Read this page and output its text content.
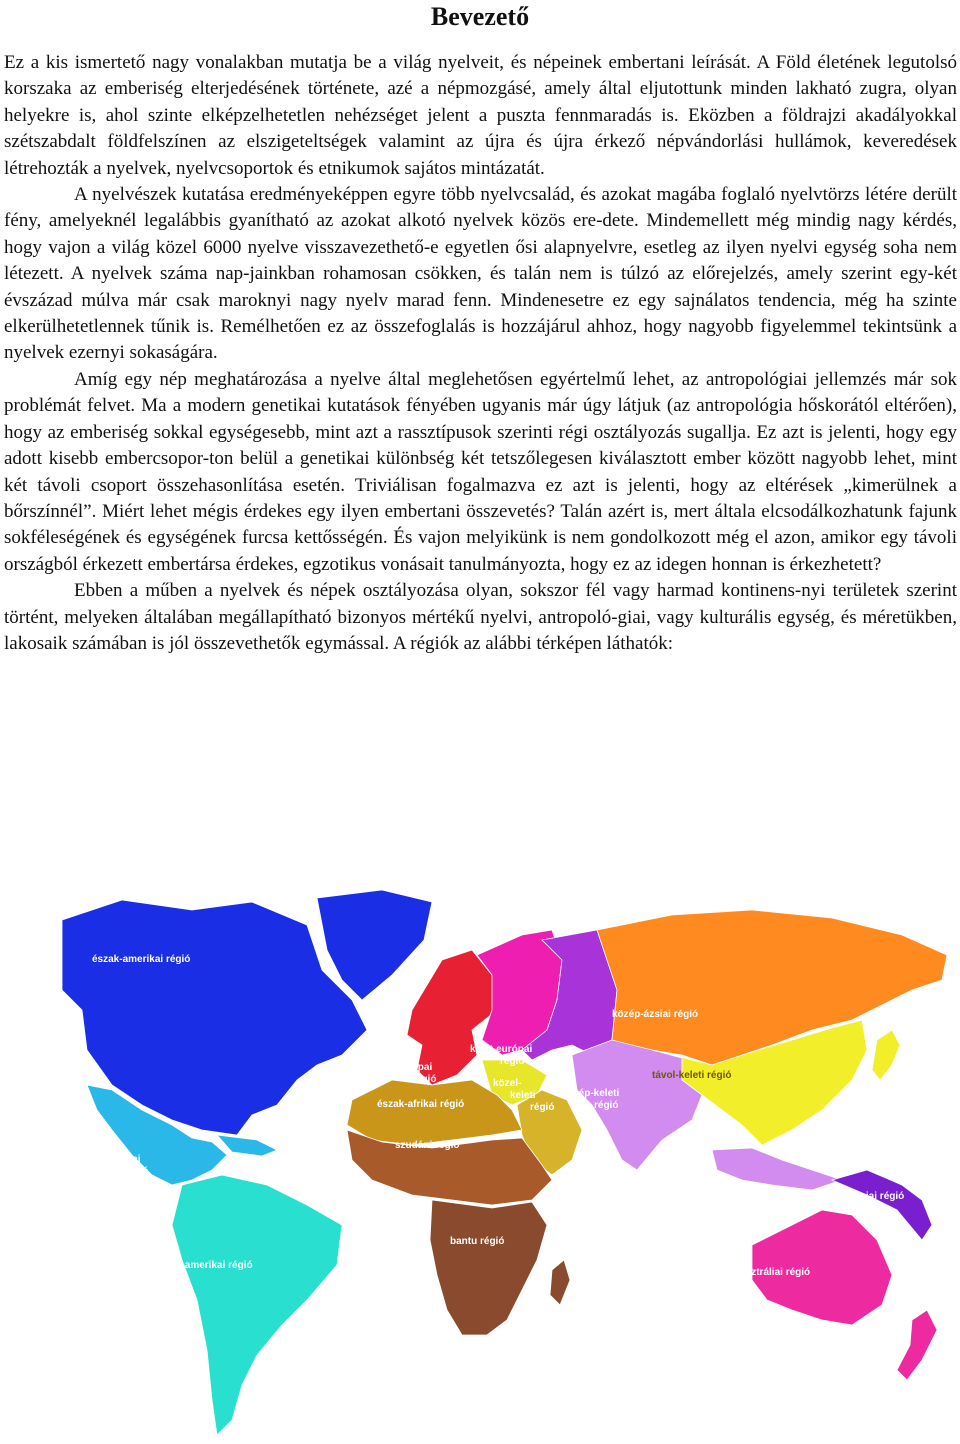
Bevezető

Ez a kis ismertető nagy vonalakban mutatja be a világ nyelveit, és népeinek embertani leírását. A Föld életének legutolsó korszaka az emberiség elterjedésének története, azé a népmozgásé, amely által eljutottunk minden lakható zugra, olyan helyekre is, ahol szinte elképzelhetetlen nehézséget jelent a puszta fennmaradás is. Eközben a földrajzi akadályokkal szétszabdalt földfelszínen az elszigeteltségek valamint az újra és újra érkező népvándorlási hullámok, keveredések létrehozták a nyelvek, nyelvcsoportok és etnikumok sajátos mintázatát.

A nyelvészek kutatása eredményeképpen egyre több nyelvcsalád, és azokat magába foglaló nyelvtörzs létére derült fény, amelyeknél legalábbis gyanítható az azokat alkotó nyelvek közös ere-dete. Mindemellett még mindig nagy kérdés, hogy vajon a világ közel 6000 nyelve visszavezethető-e egyetlen ősi alapnyelvre, esetleg az ilyen nyelvi egység soha nem létezett. A nyelvek száma nap-jainkban rohamosan csökken, és talán nem is túlzó az előrejelzés, amely szerint egy-két évszázad múlva már csak maroknyi nagy nyelv marad fenn. Mindenesetre ez egy sajnálatos tendencia, még ha szinte elkerülhetetlennek tűnik is. Remélhetően ez az összefoglalás is hozzájárul ahhoz, hogy nagyobb figyelemmel tekintsünk a nyelvek ezernyi sokaságára.

Amíg egy nép meghatározása a nyelve által meglehetősen egyértelmű lehet, az antropológiai jellemzés már sok problémát felvet. Ma a modern genetikai kutatások fényében ugyanis már úgy látjuk (az antropológia hőskorától eltérően), hogy az emberiség sokkal egységesebb, mint azt a rassztípusok szerinti régi osztályozás sugallja. Ez azt is jelenti, hogy egy adott kisebb embercsopor-ton belül a genetikai különbség két tetszőlegesen kiválasztott ember között nagyobb lehet, mint két távoli csoport összehasonlítása esetén. Triviálisan fogalmazva ez azt is jelenti, hogy az eltérések „kimerülnek a bőrszínnél”. Miért lehet mégis érdekes egy ilyen embertani összevetés? Talán azért is, mert általa elcsodálkozhatunk fajunk sokféleségének és egységének furcsa kettősségén. És vajon melyikünk is nem gondolkozott még el azon, amikor egy távoli országból érkezett embertársa érdekes, egzotikus vonásait tanulmányozta, hogy ez az idegen honnan is érkezhetett?

Ebben a műben a nyelvek és népek osztályozása olyan, sokszor fél vagy harmad kontinens-nyi területek szerint történt, melyeken általában megállapítható bizonyos mértékű nyelvi, antropoló-giai, vagy kulturális egység, és méretükben, lakosaik számában is jól összevethetők egymással. A régiók az alábbi térképen láthatók:

észak-amerikai régió
közép
amerikai
régió
dél-amerikai régió
nyugat-európai
régió
kelet-európai
régió
közel-
keleti
régió
közép-keleti
régió
észak-afrikai régió
szudáni régió
bantu régió
közép-ázsiai régió
távol-keleti régió
óceániai régió
ausztráliai régió
